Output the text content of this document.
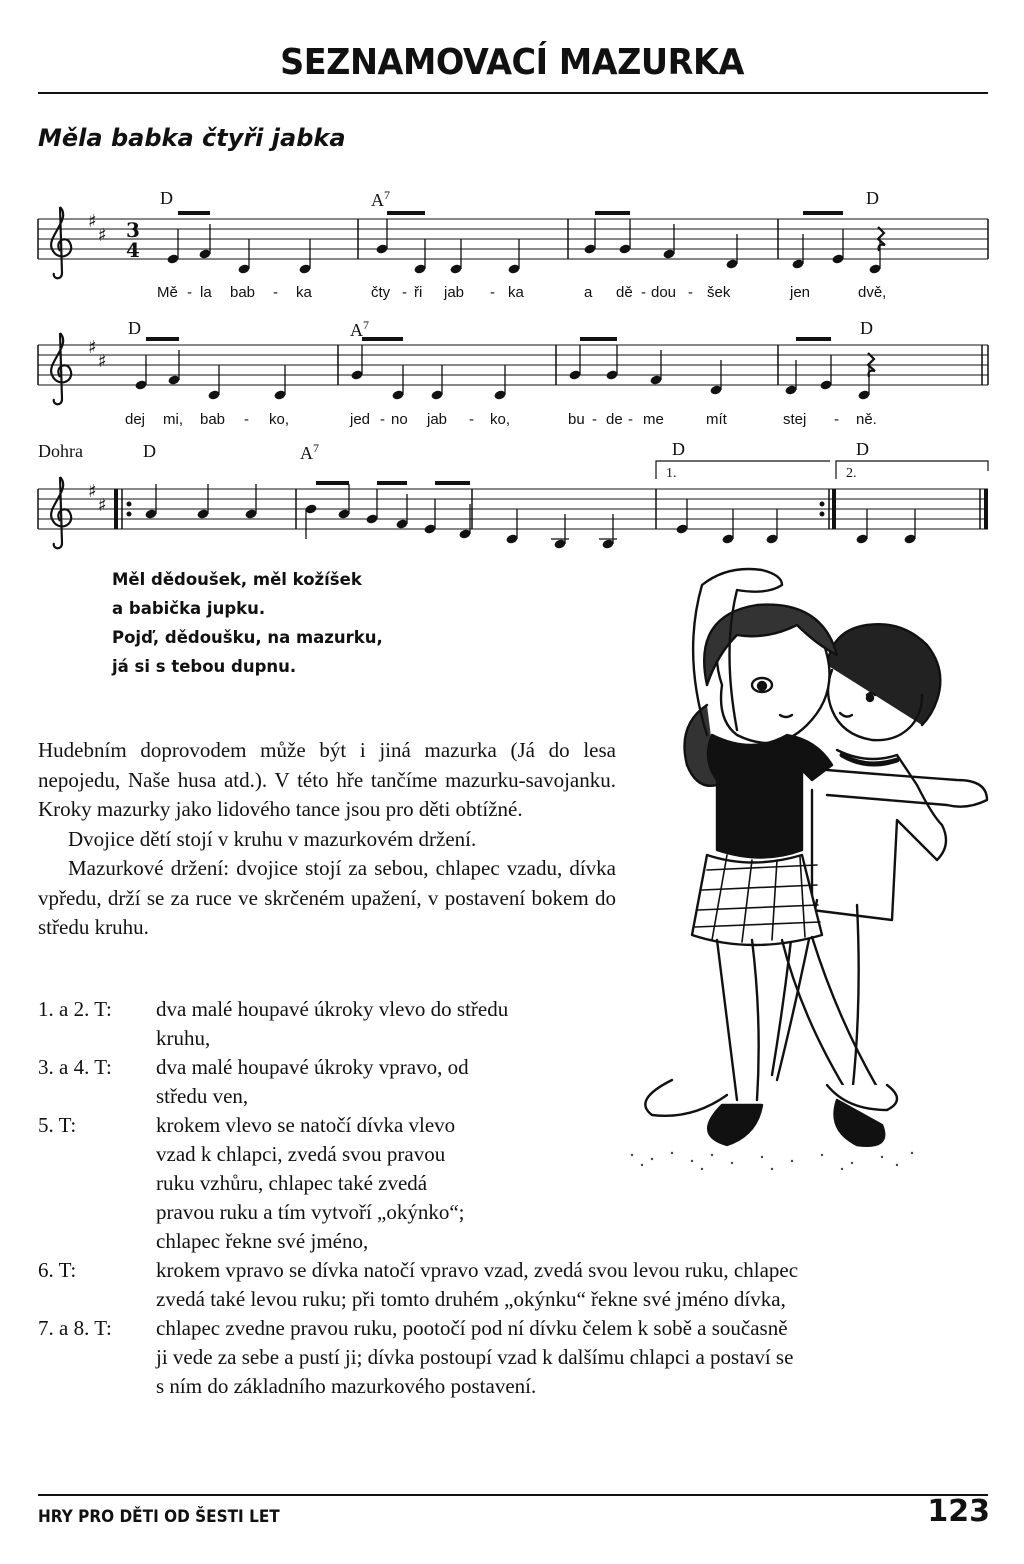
SEZNAMOVACÍ MAZURKA
Měla babka čtyři jabka
♯
♯ 3
4
♯
♯
♯
♯
D	$A^7$	D
D	$A^7$	D
Dohra	D	$A^7$	D	D
1.	2.
Mě - la bab - ka	čty - ři jab - ka	a dě - dou - šek	jen	dvě,
dej mi, bab - ko,	jed - no jab - ko,	bu - de - me	mít	stej - ně.
Měl dědoušek, měl kožíšek
a babička jupku.
Pojď, dědoušku, na mazurku,
já si s tebou dupnu.

Hudebním doprovodem může být i jiná mazurka (Já do lesa nepojedu, Naše husa atd.). V této hře tančíme mazurku-savojanku. Kroky mazurky jako lidového tance jsou pro děti obtížné.

Dvojice dětí stojí v kruhu v mazurkovém držení.

Mazurkové držení: dvojice stojí za sebou, chlapec vzadu, dívka vpředu, drží se za ruce ve skrčeném upažení, v postavení bokem do středu kruhu.

1. a 2. T: dva malé houpavé úkroky vlevo do středu
kruhu,
3. a 4. T: dva malé houpavé úkroky vpravo, od
středu ven,
5. T:	krokem vlevo se natočí dívka vlevo
vzad k chlapci, zvedá svou pravou
ruku vzhůru, chlapec také zvedá
pravou ruku a tím vytvoří „okýnko“;
chlapec řekne své jméno,
6. T:	krokem vpravo se dívka natočí vpravo vzad, zvedá svou levou ruku, chlapec
zvedá také levou ruku; při tomto druhém „okýnku“ řekne své jméno dívka,
7. a 8. T: chlapec zvedne pravou ruku, pootočí pod ní dívku čelem k sobě a současně
ji vede za sebe a pustí ji; dívka postoupí vzad k dalšímu chlapci a postaví se
s ním do základního mazurkového postavení.
HRY PRO DĚTI OD ŠESTI LET	123
